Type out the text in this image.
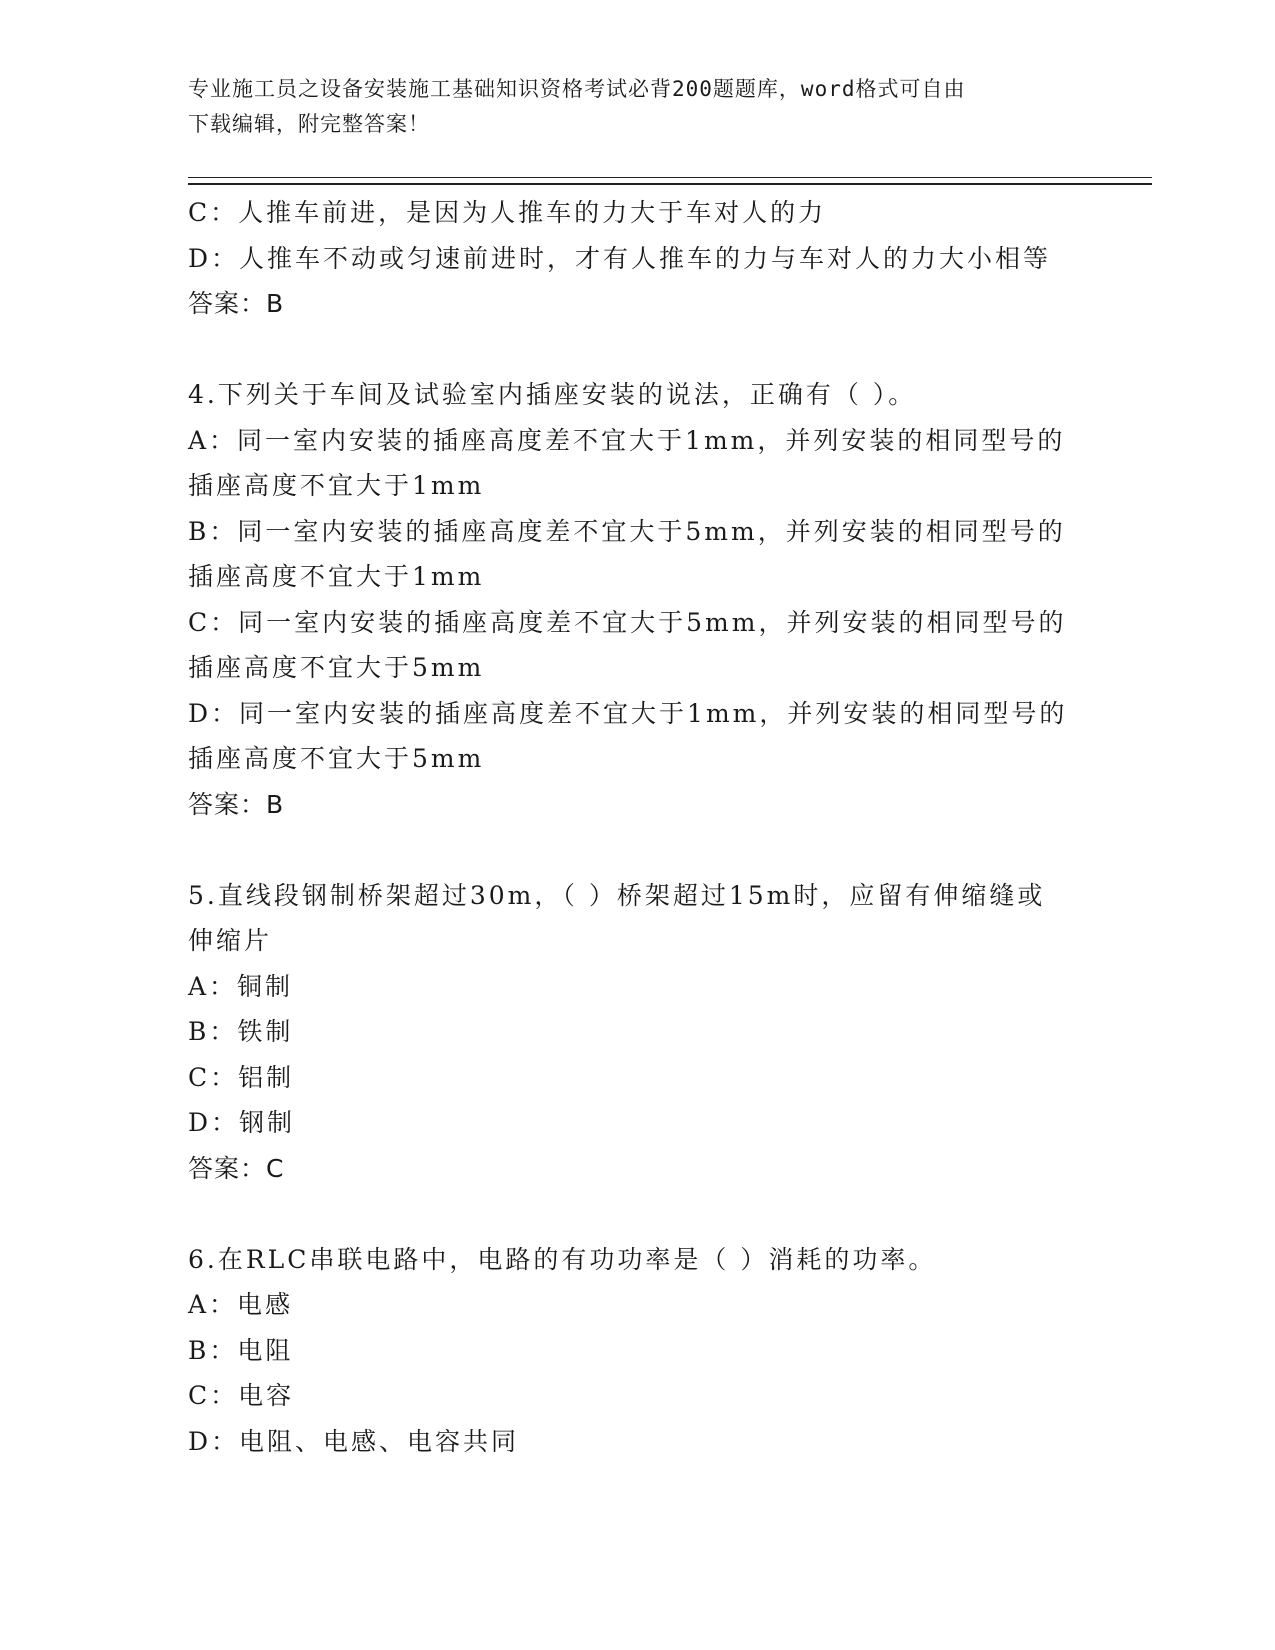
专业施工员之设备安装施工基础知识资格考试必背200题题库，word格式可自由
下载编辑，附完整答案！
C：人推车前进，是因为人推车的力大于车对人的力
D：人推车不动或匀速前进时，才有人推车的力与车对人的力大小相等
答案：B
4.下列关于车间及试验室内插座安装的说法，正确有（ ）。
A：同一室内安装的插座高度差不宜大于1mm，并列安装的相同型号的
插座高度不宜大于1mm
B：同一室内安装的插座高度差不宜大于5mm，并列安装的相同型号的
插座高度不宜大于1mm
C：同一室内安装的插座高度差不宜大于5mm，并列安装的相同型号的
插座高度不宜大于5mm
D：同一室内安装的插座高度差不宜大于1mm，并列安装的相同型号的
插座高度不宜大于5mm
答案：B
5.直线段钢制桥架超过30m，（ ）桥架超过15m时，应留有伸缩缝或
伸缩片
A：铜制
B：铁制
C：铝制
D：钢制
答案：C
6.在RLC串联电路中，电路的有功功率是（ ）消耗的功率。
A：电感
B：电阻
C：电容
D：电阻、电感、电容共同
